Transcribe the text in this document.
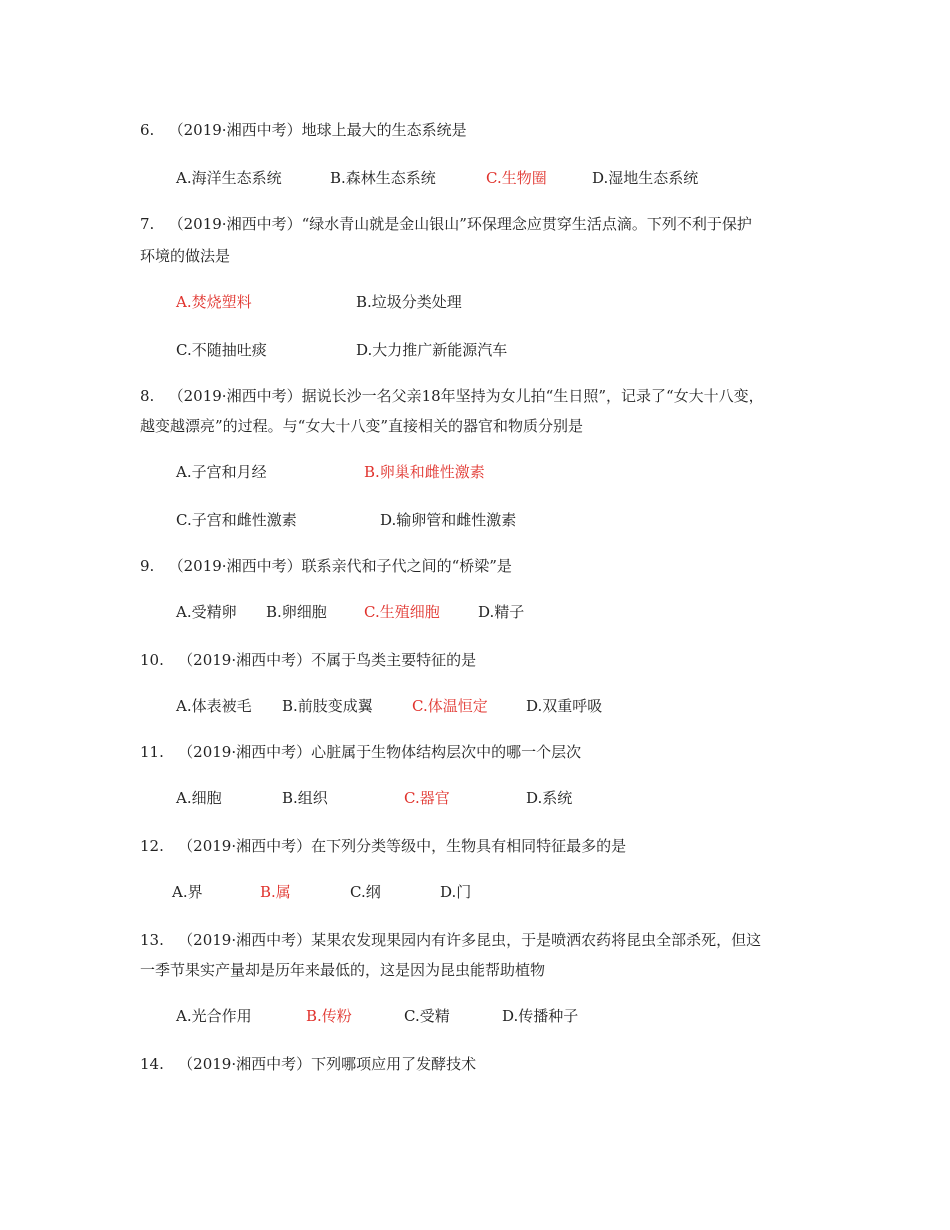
6. （2019·湘西中考）地球上最大的生态系统是
A.海洋生态系统	B.森林生态系统	C.生物圈	D.湿地生态系统
7. （2019·湘西中考）“绿水青山就是金山银山”环保理念应贯穿生活点滴。下列不利于保护
环境的做法是
A.焚烧塑料	B.垃圾分类处理
C.不随抽吐痰	D.大力推广新能源汽车
8. （2019·湘西中考）据说长沙一名父亲18年坚持为女儿拍“生日照”，记录了“女大十八变，
越变越漂亮”的过程。与“女大十八变”直接相关的器官和物质分别是
A.子宫和月经	B.卵巢和雌性激素
C.子宫和雌性激素	D.输卵管和雌性激素
9. （2019·湘西中考）联系亲代和子代之间的“桥梁”是
A.受精卵 B.卵细胞 C.生殖细胞	D.精子
10. （2019·湘西中考）不属于鸟类主要特征的是
A.体表被毛 B.前肢变成翼	C.体温恒定	D.双重呼吸
11. （2019·湘西中考）心脏属于生物体结构层次中的哪一个层次
A.细胞	B.组织	C.器官	D.系统
12. （2019·湘西中考）在下列分类等级中，生物具有相同特征最多的是
A.界	B.属	C.纲	D.门
13. （2019·湘西中考）某果农发现果园内有许多昆虫，于是喷洒农药将昆虫全部杀死，但这
一季节果实产量却是历年来最低的，这是因为昆虫能帮助植物
A.光合作用	B.传粉	C.受精	D.传播种子
14. （2019·湘西中考）下列哪项应用了发酵技术
